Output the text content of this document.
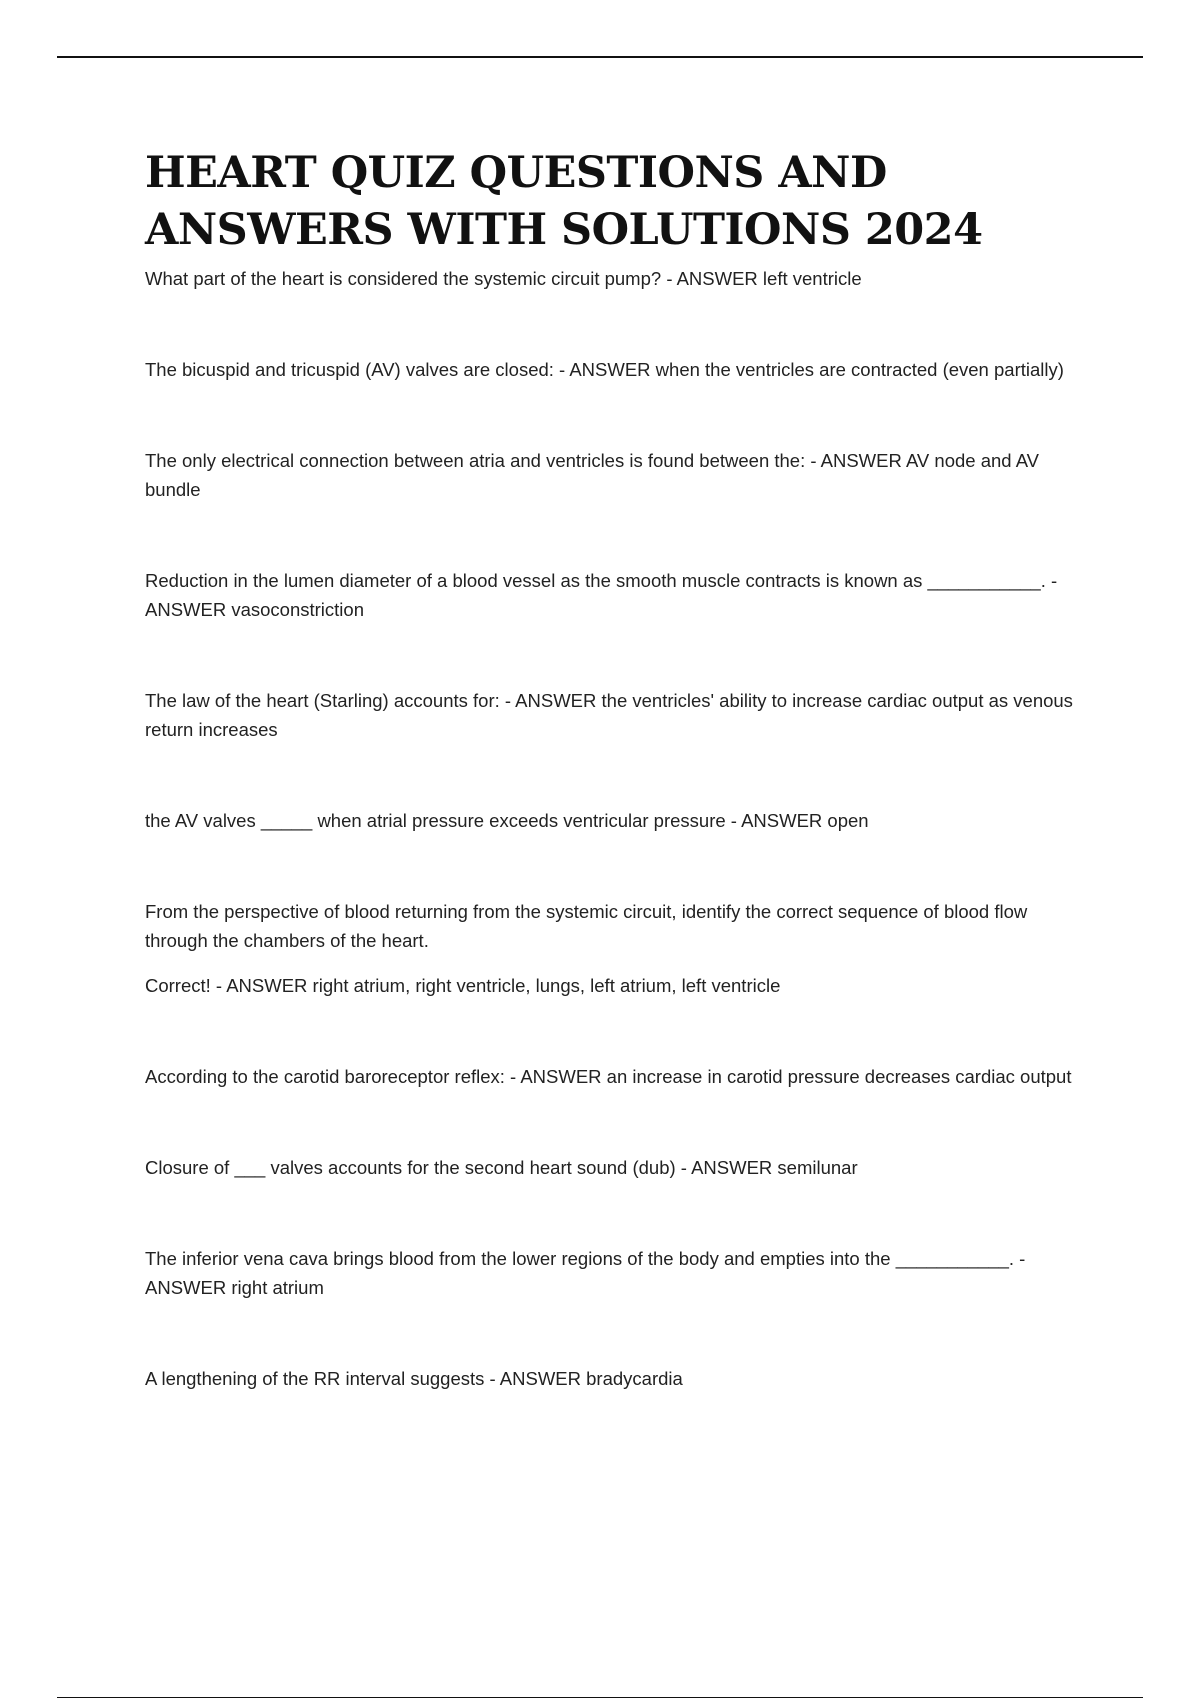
HEART QUIZ QUESTIONS AND
ANSWERS WITH SOLUTIONS 2024

What part of the heart is considered the systemic circuit pump? - ANSWER left ventricle

The bicuspid and tricuspid (AV) valves are closed: - ANSWER when the ventricles are contracted (even partially)

The only electrical connection between atria and ventricles is found between the: - ANSWER AV node and AV bundle

Reduction in the lumen diameter of a blood vessel as the smooth muscle contracts is known as ___________. - ANSWER vasoconstriction

The law of the heart (Starling) accounts for: - ANSWER the ventricles' ability to increase cardiac output as venous return increases

the AV valves _____ when atrial pressure exceeds ventricular pressure - ANSWER open

From the perspective of blood returning from the systemic circuit, identify the correct sequence of blood flow through the chambers of the heart.

Correct! - ANSWER right atrium, right ventricle, lungs, left atrium, left ventricle

According to the carotid baroreceptor reflex: - ANSWER an increase in carotid pressure decreases cardiac output

Closure of ___ valves accounts for the second heart sound (dub) - ANSWER semilunar

The inferior vena cava brings blood from the lower regions of the body and empties into the ___________. - ANSWER right atrium

A lengthening of the RR interval suggests - ANSWER bradycardia
